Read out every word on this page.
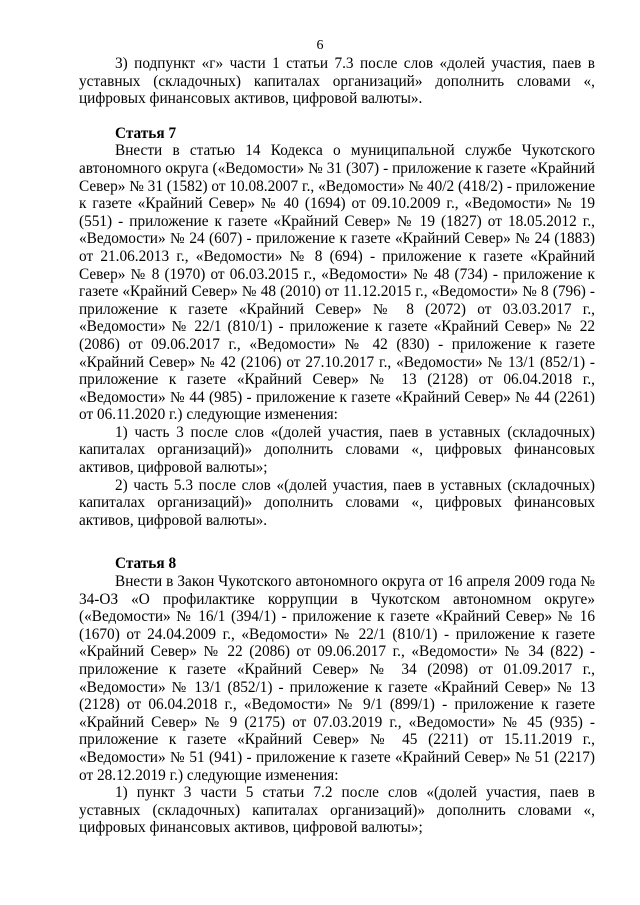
6

3) подпункт «г» части 1 статьи 7.3 после слов «долей участия, паев в уставных (складочных) капиталах организаций» дополнить словами «, цифровых финансовых активов, цифровой валюты».

Статья 7

Внести в статью 14 Кодекса о муниципальной службе Чукотского автономного округа («Ведомости» № 31 (307) - приложение к газете «Крайний Север» № 31 (1582) от 10.08.2007 г., «Ведомости» № 40/2 (418/2) - приложение к газете «Крайний Север» № 40 (1694) от 09.10.2009 г., «Ведомости» № 19 (551) - приложение к газете «Крайний Север» № 19 (1827) от 18.05.2012 г., «Ведомости» № 24 (607) - приложение к газете «Крайний Север» № 24 (1883) от 21.06.2013 г., «Ведомости» № 8 (694) - приложение к газете «Крайний Север» № 8 (1970) от 06.03.2015 г., «Ведомости» № 48 (734) - приложение к газете «Крайний Север» № 48 (2010) от 11.12.2015 г., «Ведомости» № 8 (796) - приложение к газете «Крайний Север» № 8 (2072) от 03.03.2017 г., «Ведомости» № 22/1 (810/1) - приложение к газете «Крайний Север» № 22 (2086) от 09.06.2017 г., «Ведомости» № 42 (830) - приложение к газете «Крайний Север» № 42 (2106) от 27.10.2017 г., «Ведомости» № 13/1 (852/1) - приложение к газете «Крайний Север» № 13 (2128) от 06.04.2018 г., «Ведомости» № 44 (985) - приложение к газете «Крайний Север» № 44 (2261) от 06.11.2020 г.) следующие изменения:

1) часть 3 после слов «(долей участия, паев в уставных (складочных) капиталах организаций)» дополнить словами «, цифровых финансовых активов, цифровой валюты»;

2) часть 5.3 после слов «(долей участия, паев в уставных (складочных) капиталах организаций)» дополнить словами «, цифровых финансовых активов, цифровой валюты».

Статья 8

Внести в Закон Чукотского автономного округа от 16 апреля 2009 года № 34-ОЗ «О профилактике коррупции в Чукотском автономном округе» («Ведомости» № 16/1 (394/1) - приложение к газете «Крайний Север» № 16 (1670) от 24.04.2009 г., «Ведомости» № 22/1 (810/1) - приложение к газете «Крайний Север» № 22 (2086) от 09.06.2017 г., «Ведомости» № 34 (822) - приложение к газете «Крайний Север» № 34 (2098) от 01.09.2017 г., «Ведомости» № 13/1 (852/1) - приложение к газете «Крайний Север» № 13 (2128) от 06.04.2018 г., «Ведомости» № 9/1 (899/1) - приложение к газете «Крайний Север» № 9 (2175) от 07.03.2019 г., «Ведомости» № 45 (935) - приложение к газете «Крайний Север» № 45 (2211) от 15.11.2019 г., «Ведомости» № 51 (941) - приложение к газете «Крайний Север» № 51 (2217) от 28.12.2019 г.) следующие изменения:

1) пункт 3 части 5 статьи 7.2 после слов «(долей участия, паев в уставных (складочных) капиталах организаций)» дополнить словами «, цифровых финансовых активов, цифровой валюты»;
